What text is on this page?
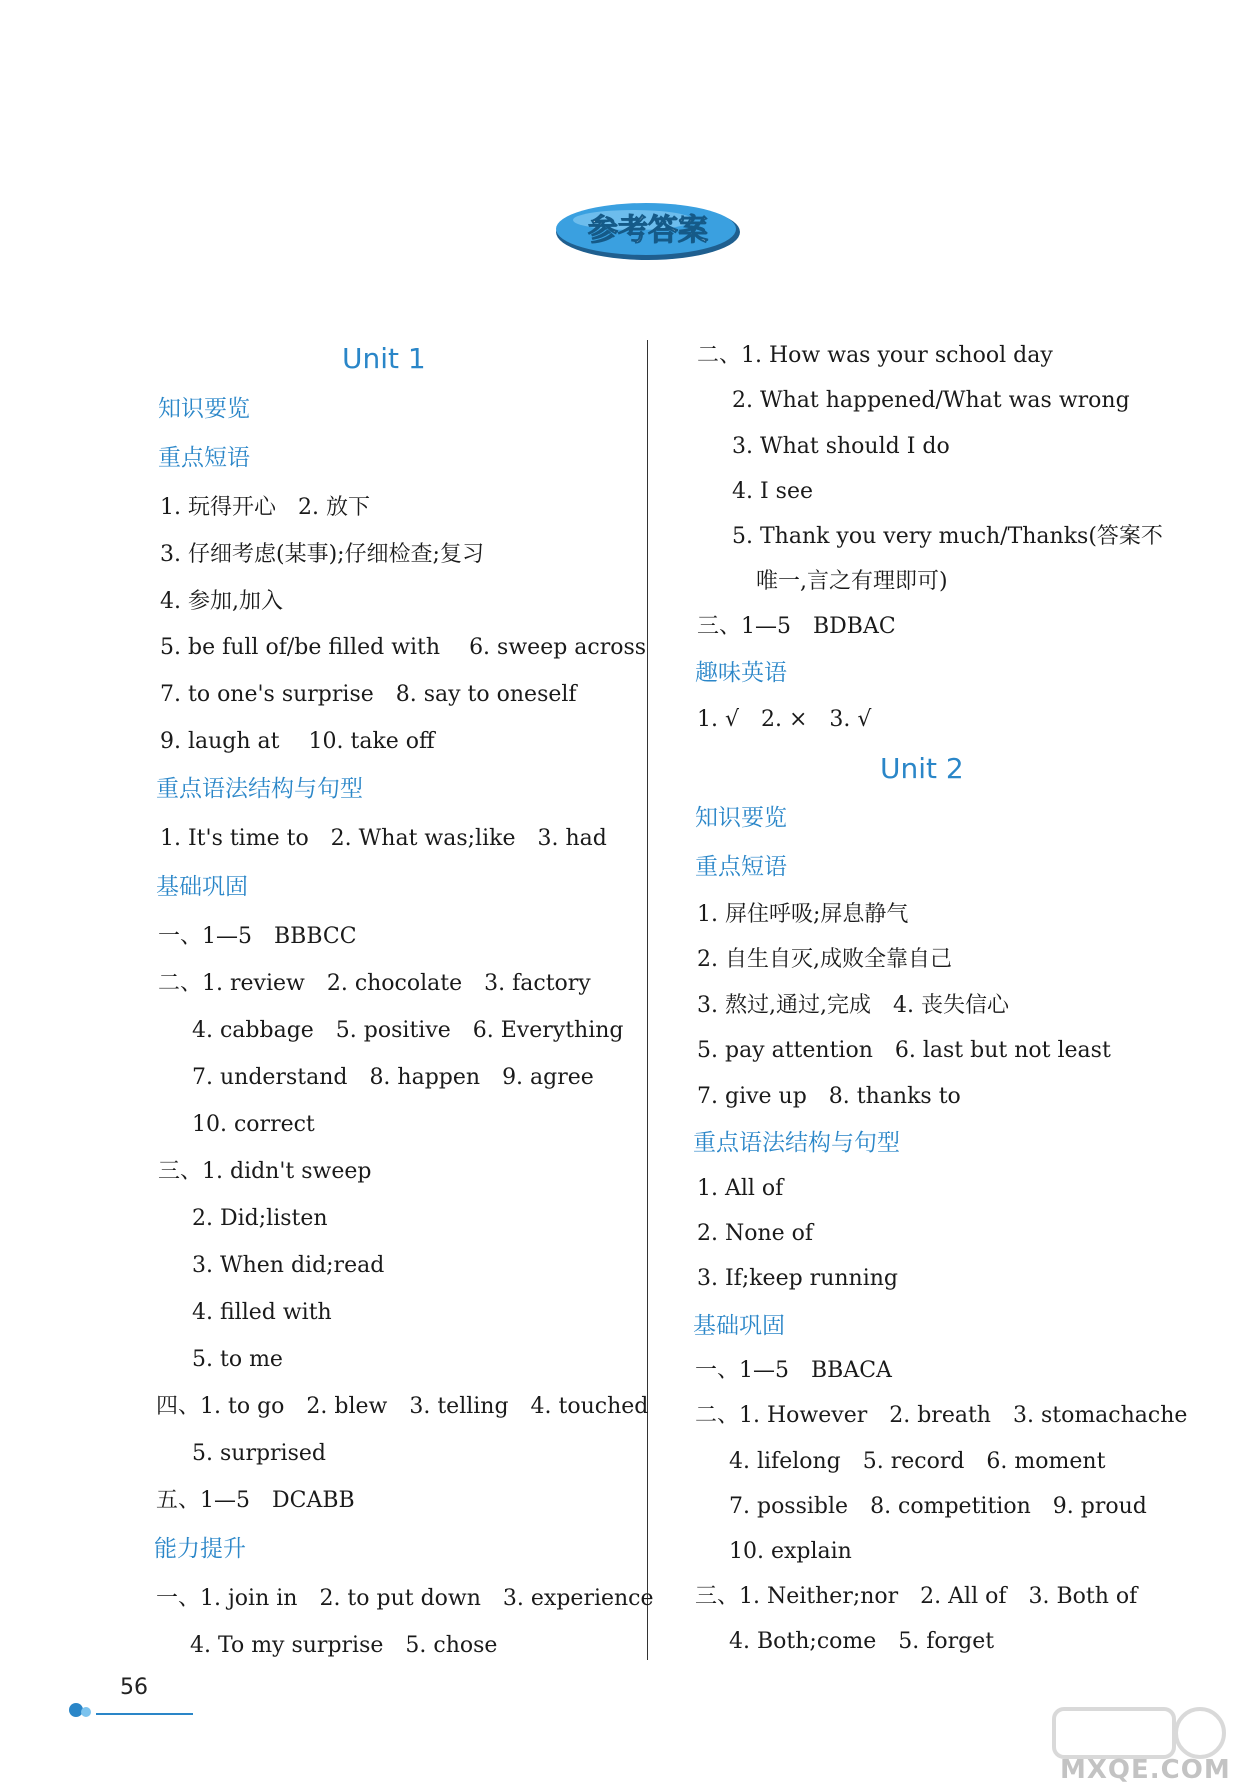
参考答案
Unit 1
知识要览
重点短语
1. 玩得开心　2. 放下
3. 仔细考虑(某事);仔细检查;复习
4. 参加,加入
5. be full of/be filled with　 6. sweep across
7. to one's surprise　8. say to oneself
9. laugh at　 10. take off
重点语法结构与句型
1. It's time to　2. What was;like　3. had
基础巩固
一、1—5　BBBCC
二、1. review　2. chocolate　3. factory
4. cabbage　5. positive　6. Everything
7. understand　8. happen　9. agree
10. correct
三、1. didn't sweep
2. Did;listen
3. When did;read
4. filled with
5. to me
四、1. to go　2. blew　3. telling　4. touched
5. surprised
五、1—5　DCABB
能力提升
一、1. join in　2. to put down　3. experience
4. To my surprise　5. chose
二、1. How was your school day
2. What happened/What was wrong
3. What should I do
4. I see
5. Thank you very much/Thanks(答案不
唯一,言之有理即可)
三、1—5　BDBAC
趣味英语
1. √　2. ×　3. √
Unit 2
知识要览
重点短语
1. 屏住呼吸;屏息静气
2. 自生自灭,成败全靠自己
3. 熬过,通过,完成　4. 丧失信心
5. pay attention　6. last but not least
7. give up　8. thanks to
重点语法结构与句型
1. All of
2. None of
3. If;keep running
基础巩固
一、1—5　BBACA
二、1. However　2. breath　3. stomachache
4. lifelong　5. record　6. moment
7. possible　8. competition　9. proud
10. explain
三、1. Neither;nor　2. All of　3. Both of
4. Both;come　5. forget
56
MXQE.COM
